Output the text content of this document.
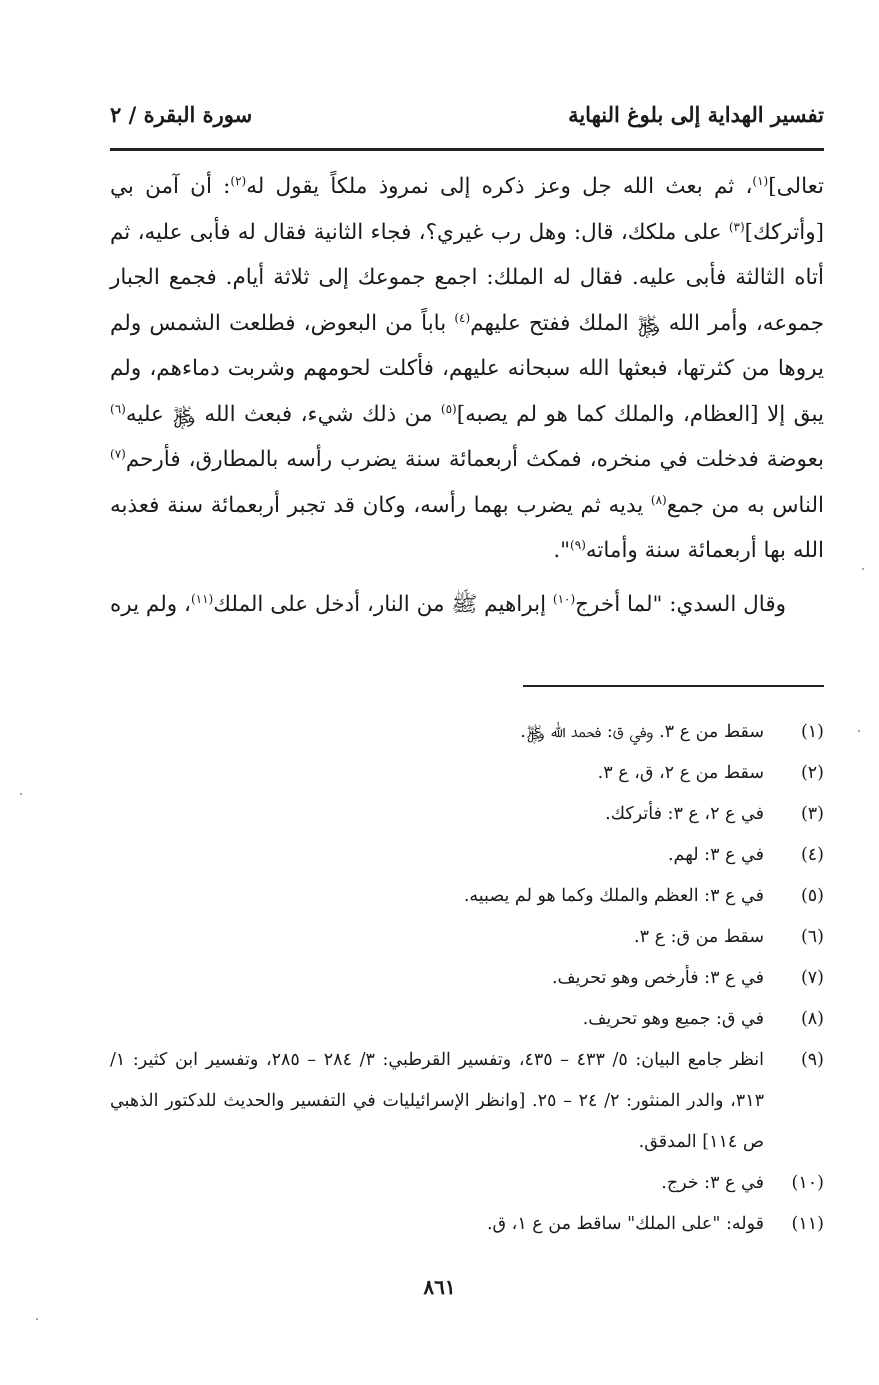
تفسير الهداية إلى بلوغ النهاية
سورة البقرة / ٢

تعالى]$^{(١)}$، ثم بعث الله جل وعز ذكره إلى نمروذ ملكاً يقول له$^{(٢)}$: أن آمن بي [وأتركك]$^{(٣)}$ على ملكك، قال: وهل رب غيري؟، فجاء الثانية فقال له فأبى عليه، ثم أتاه الثالثة فأبى عليه. فقال له الملك: اجمع جموعك إلى ثلاثة أيام. فجمع الجبار جموعه، وأمر الله ﷿ الملك ففتح عليهم$^{(٤)}$ باباً من البعوض، فطلعت الشمس ولم يروها من كثرتها، فبعثها الله سبحانه عليهم، فأكلت لحومهم وشربت دماءهم، ولم يبق إلا [العظام، والملك كما هو لم يصبه]$^{(٥)}$ من ذلك شيء، فبعث الله ﷿ عليه$^{(٦)}$ بعوضة فدخلت في منخره، فمكث أربعمائة سنة يضرب رأسه بالمطارق، فأرحم$^{(٧)}$ الناس به من جمع$^{(٨)}$ يديه ثم يضرب بهما رأسه، وكان قد تجبر أربعمائة سنة فعذبه الله بها أربعمائة سنة وأماته$^{(٩)}$".

وقال السدي: "لما أخرج$^{(١٠)}$ إبراهيم ﷺ من النار، أدخل على الملك$^{(١١)}$، ولم يره

(١)
سقط من ع ٣. وفي ق: فحمد الله ﷿.
(٢)
سقط من ع ٢، ق، ع ٣.
(٣)
في ع ٢، ع ٣: فأتركك.
(٤)
في ع ٣: لهم.
(٥)
في ع ٣: العظم والملك وكما هو لم يصبيه.
(٦)
سقط من ق: ع ٣.
(٧)
في ع ٣: فأرخص وهو تحريف.
(٨)
في ق: جميع وهو تحريف.
(٩)
انظر جامع البيان: ٥/ ٤٣٣ – ٤٣٥، وتفسير القرطبي: ٣/ ٢٨٤ – ٢٨٥، وتفسير ابن كثير: ١/ ٣١٣، والدر المنثور: ٢/ ٢٤ – ٢٥. [وانظر الإسرائيليات في التفسير والحديث للدكتور الذهبي ص ١١٤] المدقق.
(١٠)
في ع ٣: خرج.
(١١)
قوله: "على الملك" ساقط من ع ١، ق.
٨٦١
